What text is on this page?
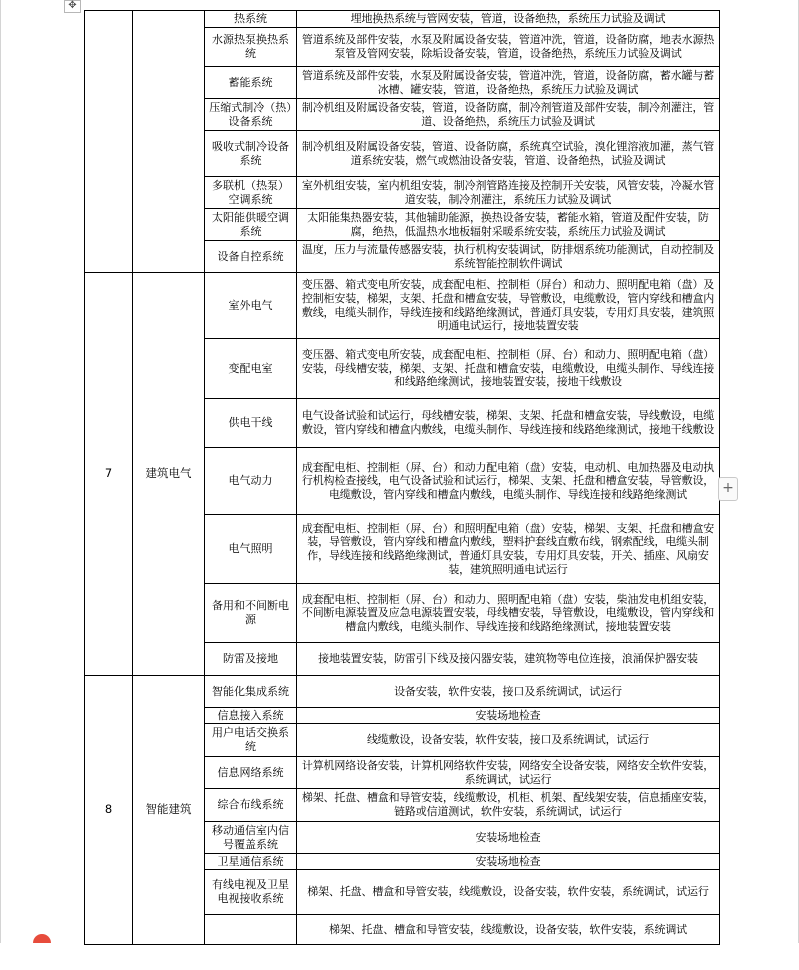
✥
		热系统	埋地换热系统与管网安装，管道，设备绝热，系统压力试验及调试
		水源热泵换热系统	管道系统及部件安装，水泵及附属设备安装，管道冲洗，管道，设备防腐，地表水源热泵管及管网安装，除垢设备安装，管道，设备绝热，系统压力试验及调试
		蓄能系统	管道系统及部件安装，水泵及附属设备安装，管道冲洗，管道，设备防腐，蓄水罐与蓄冰槽、罐安装，管道，设备绝热，系统压力试验及调试
		压缩式制冷（热）设备系统	制冷机组及附属设备安装，管道，设备防腐，制冷剂管道及部件安装，制冷剂灌注，管道、设备绝热，系统压力试验及调试
		吸收式制冷设备系统	制冷机组及附属设备安装，管道、设备防腐，系统真空试验，溴化锂溶液加灌，蒸气管道系统安装，燃气或燃油设备安装，管道、设备绝热，试验及调试
		多联机（热泵）空调系统	室外机组安装，室内机组安装，制冷剂管路连接及控制开关安装，风管安装，冷凝水管道安装，制冷剂灌注，系统压力试验及调试
		太阳能供暖空调系统	太阳能集热器安装，其他辅助能源，换热设备安装，蓄能水箱，管道及配件安装，防腐，绝热，低温热水地板辐射采暖系统安装，系统压力试验及调试
		设备自控系统	温度，压力与流量传感器安装，执行机构安装调试，防排烟系统功能测试，自动控制及系统智能控制软件调试
7	建筑电气	室外电气	变压器、箱式变电所安装，成套配电柜、控制柜（屏台）和动力、照明配电箱（盘）及控制柜安装，梯架，支架、托盘和槽盒安装，导管敷设，电缆敷设，管内穿线和槽盒内敷线，电缆头制作，导线连接和线路绝缘测试，普通灯具安装，专用灯具安装，建筑照明通电试运行，接地装置安装
		变配电室	变压器、箱式变电所安装，成套配电柜、控制柜（屏、台）和动力、照明配电箱（盘）安装，母线槽安装，梯架、支架、托盘和槽盒安装，电缆敷设，电缆头制作、导线连接和线路绝缘测试，接地装置安装，接地干线敷设
		供电干线	电气设备试验和试运行，母线槽安装，梯架、支架、托盘和槽盒安装，导线敷设，电缆敷设，管内穿线和槽盒内敷线，电缆头制作、导线连接和线路绝缘测试，接地干线敷设
		电气动力	成套配电柜、控制柜（屏、台）和动力配电箱（盘）安装，电动机、电加热器及电动执行机构检查接线，电气设备试验和试运行，梯架、支架、托盘和槽盒安装，导管敷设，电缆敷设，管内穿线和槽盒内敷线，电缆头制作、导线连接和线路绝缘测试
		电气照明	成套配电柜、控制柜（屏、台）和照明配电箱（盘）安装，梯架、支架、托盘和槽盒安装，导管敷设，管内穿线和槽盒内敷线，塑料护套线直敷布线，钢索配线，电缆头制作，导线连接和线路绝缘测试，普通灯具安装，专用灯具安装，开关、插座、风扇安装，建筑照明通电试运行
		备用和不间断电源	成套配电柜、控制柜（屏、台）和动力、照明配电箱（盘）安装，柴油发电机组安装，不间断电源装置及应急电源装置安装，母线槽安装，导管敷设，电缆敷设，管内穿线和槽盒内敷线，电缆头制作、导线连接和线路绝缘测试，接地装置安装
		防雷及接地	接地装置安装，防雷引下线及接闪器安装，建筑物等电位连接，浪涌保护器安装
8	智能建筑	智能化集成系统	设备安装，软件安装，接口及系统调试，试运行
		信息接入系统	安装场地检查
		用户电话交换系统	线缆敷设，设备安装，软件安装，接口及系统调试，试运行
		信息网络系统	计算机网络设备安装，计算机网络软件安装，网络安全设备安装，网络安全软件安装，系统调试，试运行
		综合布线系统	梯架、托盘、槽盒和导管安装，线缆敷设，机柜、机架、配线架安装，信息插座安装，链路或信道测试，软件安装，系统调试，试运行
		移动通信室内信号覆盖系统	安装场地检查
		卫星通信系统	安装场地检查
		有线电视及卫星电视接收系统	梯架、托盘、槽盒和导管安装，线缆敷设，设备安装，软件安装，系统调试，试运行
			梯架、托盘、槽盒和导管安装，线缆敷设，设备安装，软件安装，系统调试
+
